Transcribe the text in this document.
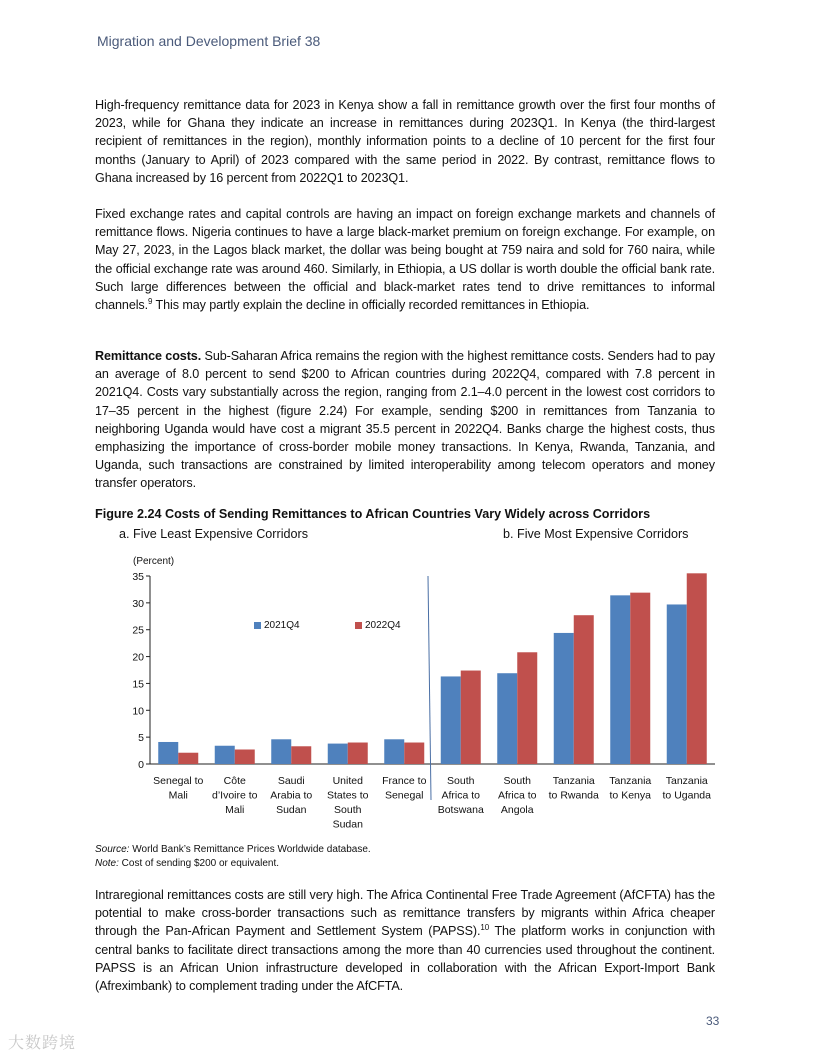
Migration and Development Brief 38
High-frequency remittance data for 2023 in Kenya show a fall in remittance growth over the first four months of 2023, while for Ghana they indicate an increase in remittances during 2023Q1. In Kenya (the third-largest recipient of remittances in the region), monthly information points to a decline of 10 percent for the first four months (January to April) of 2023 compared with the same period in 2022. By contrast, remittance flows to Ghana increased by 16 percent from 2022Q1 to 2023Q1.
Fixed exchange rates and capital controls are having an impact on foreign exchange markets and channels of remittance flows. Nigeria continues to have a large black-market premium on foreign exchange. For example, on May 27, 2023, in the Lagos black market, the dollar was being bought at 759 naira and sold for 760 naira, while the official exchange rate was around 460. Similarly, in Ethiopia, a US dollar is worth double the official bank rate. Such large differences between the official and black-market rates tend to drive remittances to informal channels.$^9$ This may partly explain the decline in officially recorded remittances in Ethiopia.
Remittance costs. Sub-Saharan Africa remains the region with the highest remittance costs. Senders had to pay an average of 8.0 percent to send $200 to African countries during 2022Q4, compared with 7.8 percent in 2021Q4. Costs vary substantially across the region, ranging from 2.1–4.0 percent in the lowest cost corridors to 17–35 percent in the highest (figure 2.24) For example, sending $200 in remittances from Tanzania to neighboring Uganda would have cost a migrant 35.5 percent in 2022Q4. Banks charge the highest costs, thus emphasizing the importance of cross-border mobile money transactions. In Kenya, Rwanda, Tanzania, and Uganda, such transactions are constrained by limited interoperability among telecom operators and money transfer operators.
Figure 2.24 Costs of Sending Remittances to African Countries Vary Widely across Corridors
a. Five Least Expensive Corridors	b. Five Most Expensive Corridors
(Percent)
0
5
10
15
20
25
30
35
Senegal to
Mali
Côte
d’Ivoire to
Mali
Saudi
Arabia to
Sudan
United
States to
South
Sudan
France to
Senegal
South
Africa to
Botswana
South
Africa to
Angola
Tanzania
to Rwanda
Tanzania
to Kenya
Tanzania
to Uganda
2021Q4	2022Q4
Source: World Bank’s Remittance Prices Worldwide database.
Note: Cost of sending $200 or equivalent.
Intraregional remittances costs are still very high. The Africa Continental Free Trade Agreement (AfCFTA) has the potential to make cross-border transactions such as remittance transfers by migrants within Africa cheaper through the Pan-African Payment and Settlement System (PAPSS).$^{10}$ The platform works in conjunction with central banks to facilitate direct transactions among the more than 40 currencies used throughout the continent. PAPSS is an African Union infrastructure developed in collaboration with the African Export-Import Bank (Afreximbank) to complement trading under the AfCFTA.
33
大数跨境
